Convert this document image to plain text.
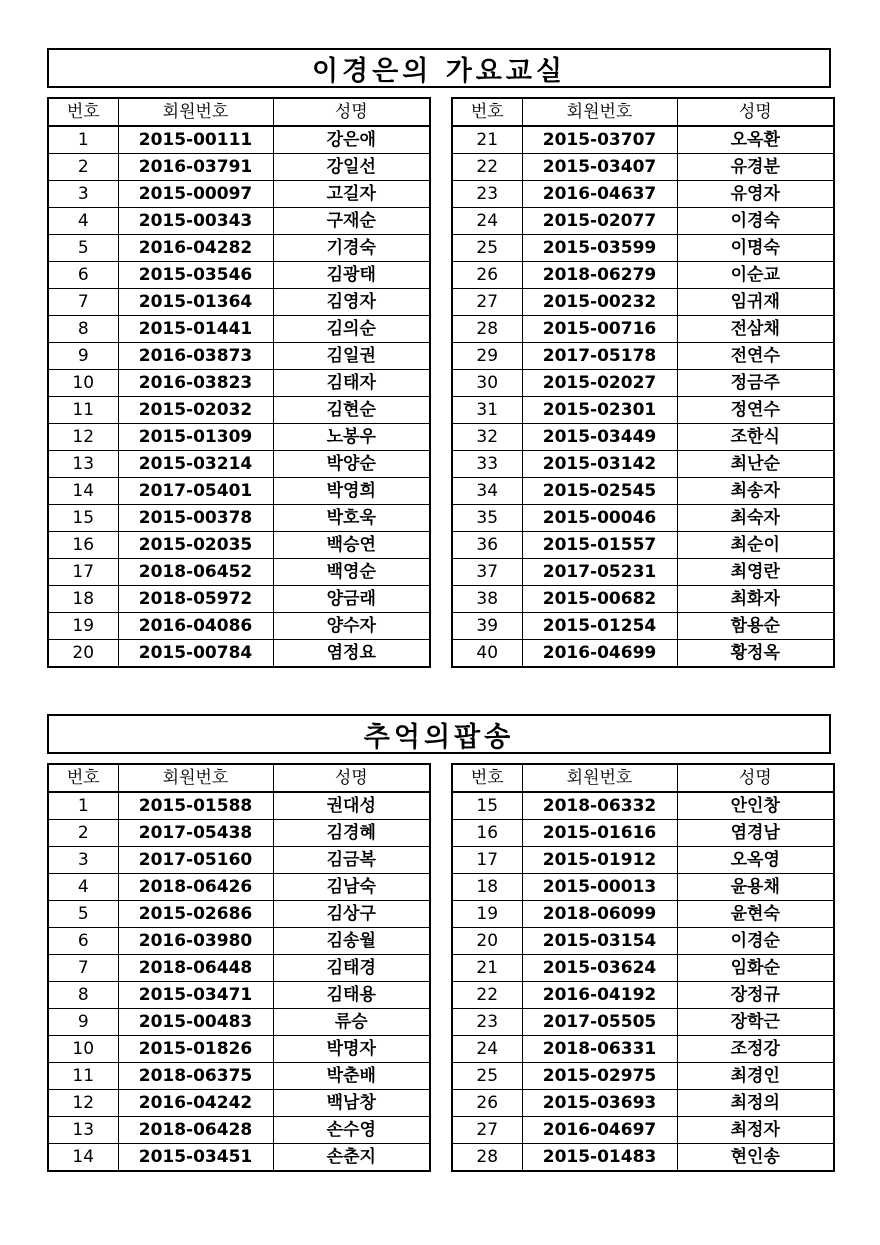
이경은의 가요교실
번호	회원번호	성명
1	2015-00111	강은애
2	2016-03791	강일선
3	2015-00097	고길자
4	2015-00343	구재순
5	2016-04282	기경숙
6	2015-03546	김광태
7	2015-01364	김영자
8	2015-01441	김의순
9	2016-03873	김일권
10	2016-03823	김태자
11	2015-02032	김현순
12	2015-01309	노봉우
13	2015-03214	박양순
14	2017-05401	박영희
15	2015-00378	박호욱
16	2015-02035	백승연
17	2018-06452	백영순
18	2018-05972	양금래
19	2016-04086	양수자
20	2015-00784	염정요
번호	회원번호	성명
21	2015-03707	오옥환
22	2015-03407	유경분
23	2016-04637	유영자
24	2015-02077	이경숙
25	2015-03599	이명숙
26	2018-06279	이순교
27	2015-00232	임귀재
28	2015-00716	전삼채
29	2017-05178	전연수
30	2015-02027	정금주
31	2015-02301	정연수
32	2015-03449	조한식
33	2015-03142	최난순
34	2015-02545	최송자
35	2015-00046	최숙자
36	2015-01557	최순이
37	2017-05231	최영란
38	2015-00682	최화자
39	2015-01254	함용순
40	2016-04699	황정옥
추억의팝송
번호	회원번호	성명
1	2015-01588	권대성
2	2017-05438	김경혜
3	2017-05160	김금복
4	2018-06426	김남숙
5	2015-02686	김상구
6	2016-03980	김송월
7	2018-06448	김태경
8	2015-03471	김태용
9	2015-00483	류승
10	2015-01826	박명자
11	2018-06375	박춘배
12	2016-04242	백남창
13	2018-06428	손수영
14	2015-03451	손춘지
번호	회원번호	성명
15	2018-06332	안인창
16	2015-01616	염경남
17	2015-01912	오옥영
18	2015-00013	윤용채
19	2018-06099	윤현숙
20	2015-03154	이경순
21	2015-03624	임화순
22	2016-04192	장정규
23	2017-05505	장학근
24	2018-06331	조정강
25	2015-02975	최경인
26	2015-03693	최정의
27	2016-04697	최정자
28	2015-01483	현인송
